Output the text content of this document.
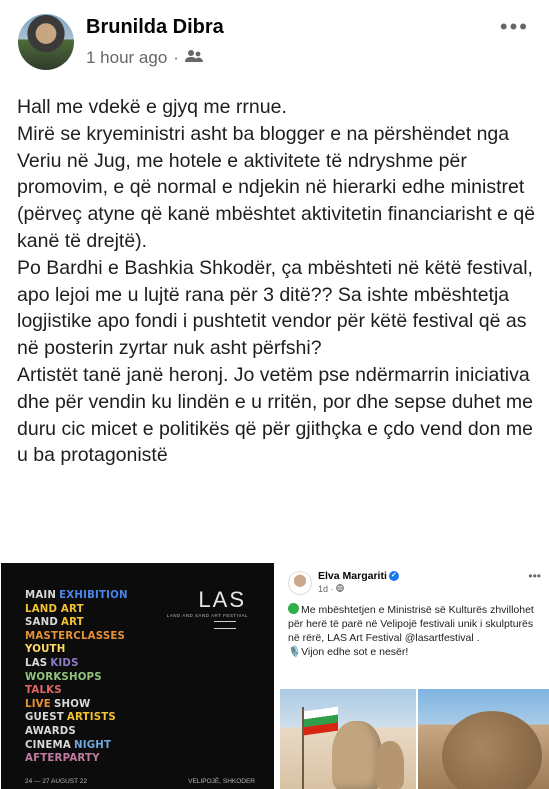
Brunilda Dibra
1 hour ago ·
•••

Hall me vdekë e gjyq me rrnue.

Mirë se kryeministri asht ba blogger e na përshëndet nga Veriu në Jug, me hotele e aktivitete të ndryshme për promovim, e që normal e ndjekin në hierarki edhe ministret (përveç atyne që kanë mbështet aktivitetin financiarisht e që kanë të drejtë).

Po Bardhi e Bashkia Shkodër, ça mbështeti në këtë festival, apo lejoi me u lujtë rana për 3 ditë?? Sa ishte mbështetja logjistike apo fondi i pushtetit vendor për këtë festival që as në posterin zyrtar nuk asht përfshi?

Artistët tanë janë heronj. Jo vetëm pse ndërmarrin iniciativa dhe për vendin ku lindën e u rritën, por dhe sepse duhet me duru cic micet e politikës që për gjithçka e çdo vend don me u ba protagonistë

MAIN EXHIBITION
LAND ART
SAND ART
MASTERCLASSES
YOUTH
LAS KIDS
WORKSHOPS
TALKS
LIVE SHOW
GUEST ARTISTS
AWARDS
CINEMA NIGHT
AFTERPARTY
LAS
LAND AND SAND ART FESTIVAL
24 — 27 AUGUST 22	VELIPOJË, SHKODER
Elva Margariti ✓
1d ·
•••
Me mbështetjen e Ministrisë së Kulturës zhvillohet për herë të parë në Velipojë festivali unik i skulpturës në rërë, LAS Art Festival @lasartfestival .
🎙️Vijon edhe sot e nesër!
